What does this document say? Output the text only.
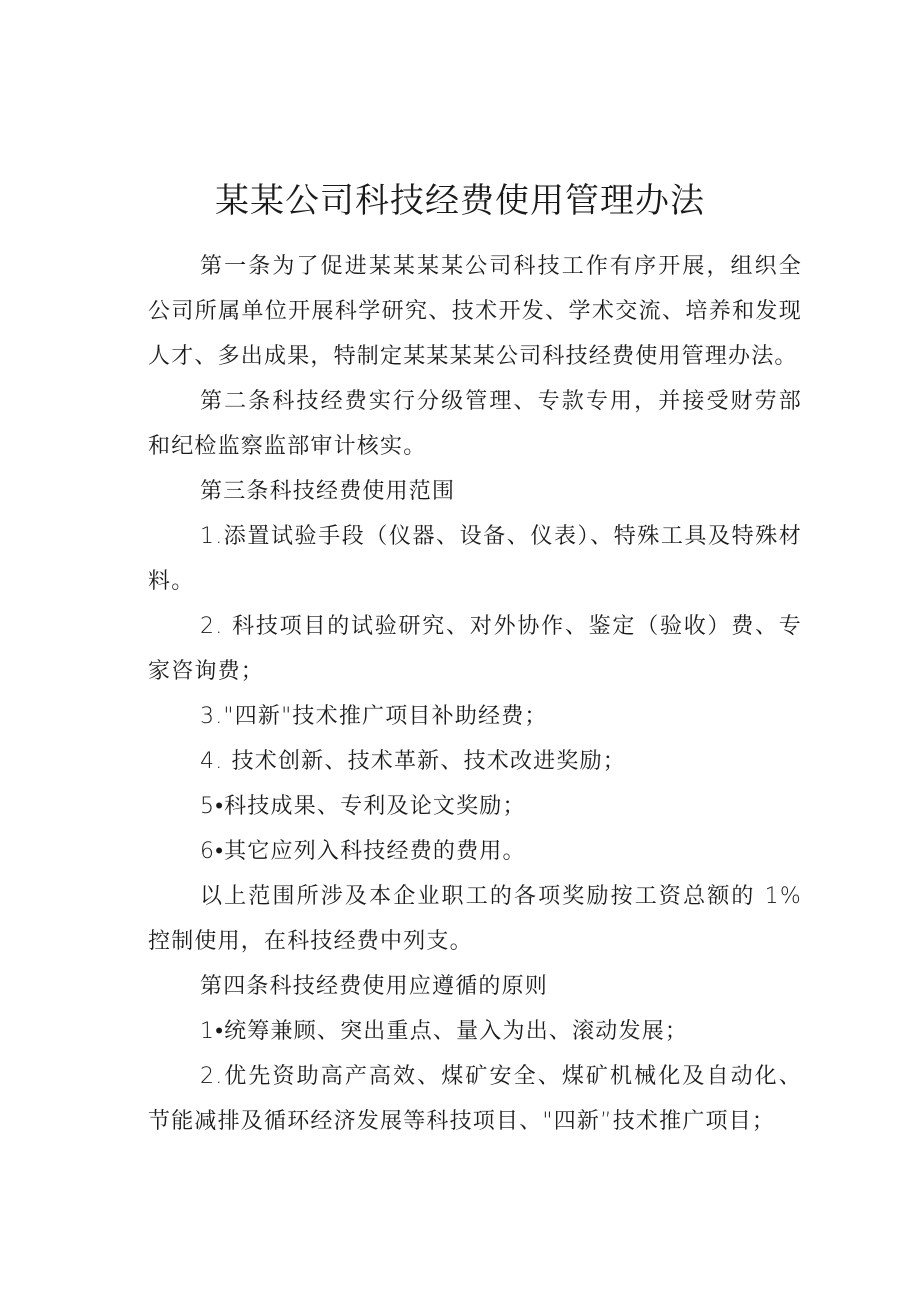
某某公司科技经费使用管理办法

第一条为了促进某某某某公司科技工作有序开展，组织全公司所属单位开展科学研究、技术开发、学术交流、培养和发现人才、多出成果，特制定某某某某公司科技经费使用管理办法。

第二条科技经费实行分级管理、专款专用，并接受财劳部和纪检监察监部审计核实。

第三条科技经费使用范围

1.添置试验手段（仪器、设备、仪表）、特殊工具及特殊材料。

2. 科技项目的试验研究、对外协作、鉴定（验收）费、专家咨询费；

3."四新"技术推广项目补助经费；

4. 技术创新、技术革新、技术改进奖励；

5•科技成果、专利及论文奖励；

6•其它应列入科技经费的费用。

以上范围所涉及本企业职工的各项奖励按工资总额的 1%控制使用，在科技经费中列支。

第四条科技经费使用应遵循的原则

1•统筹兼顾、突出重点、量入为出、滚动发展；

2.优先资助高产高效、煤矿安全、煤矿机械化及自动化、节能减排及循环经济发展等科技项目、"四新”技术推广项目；
